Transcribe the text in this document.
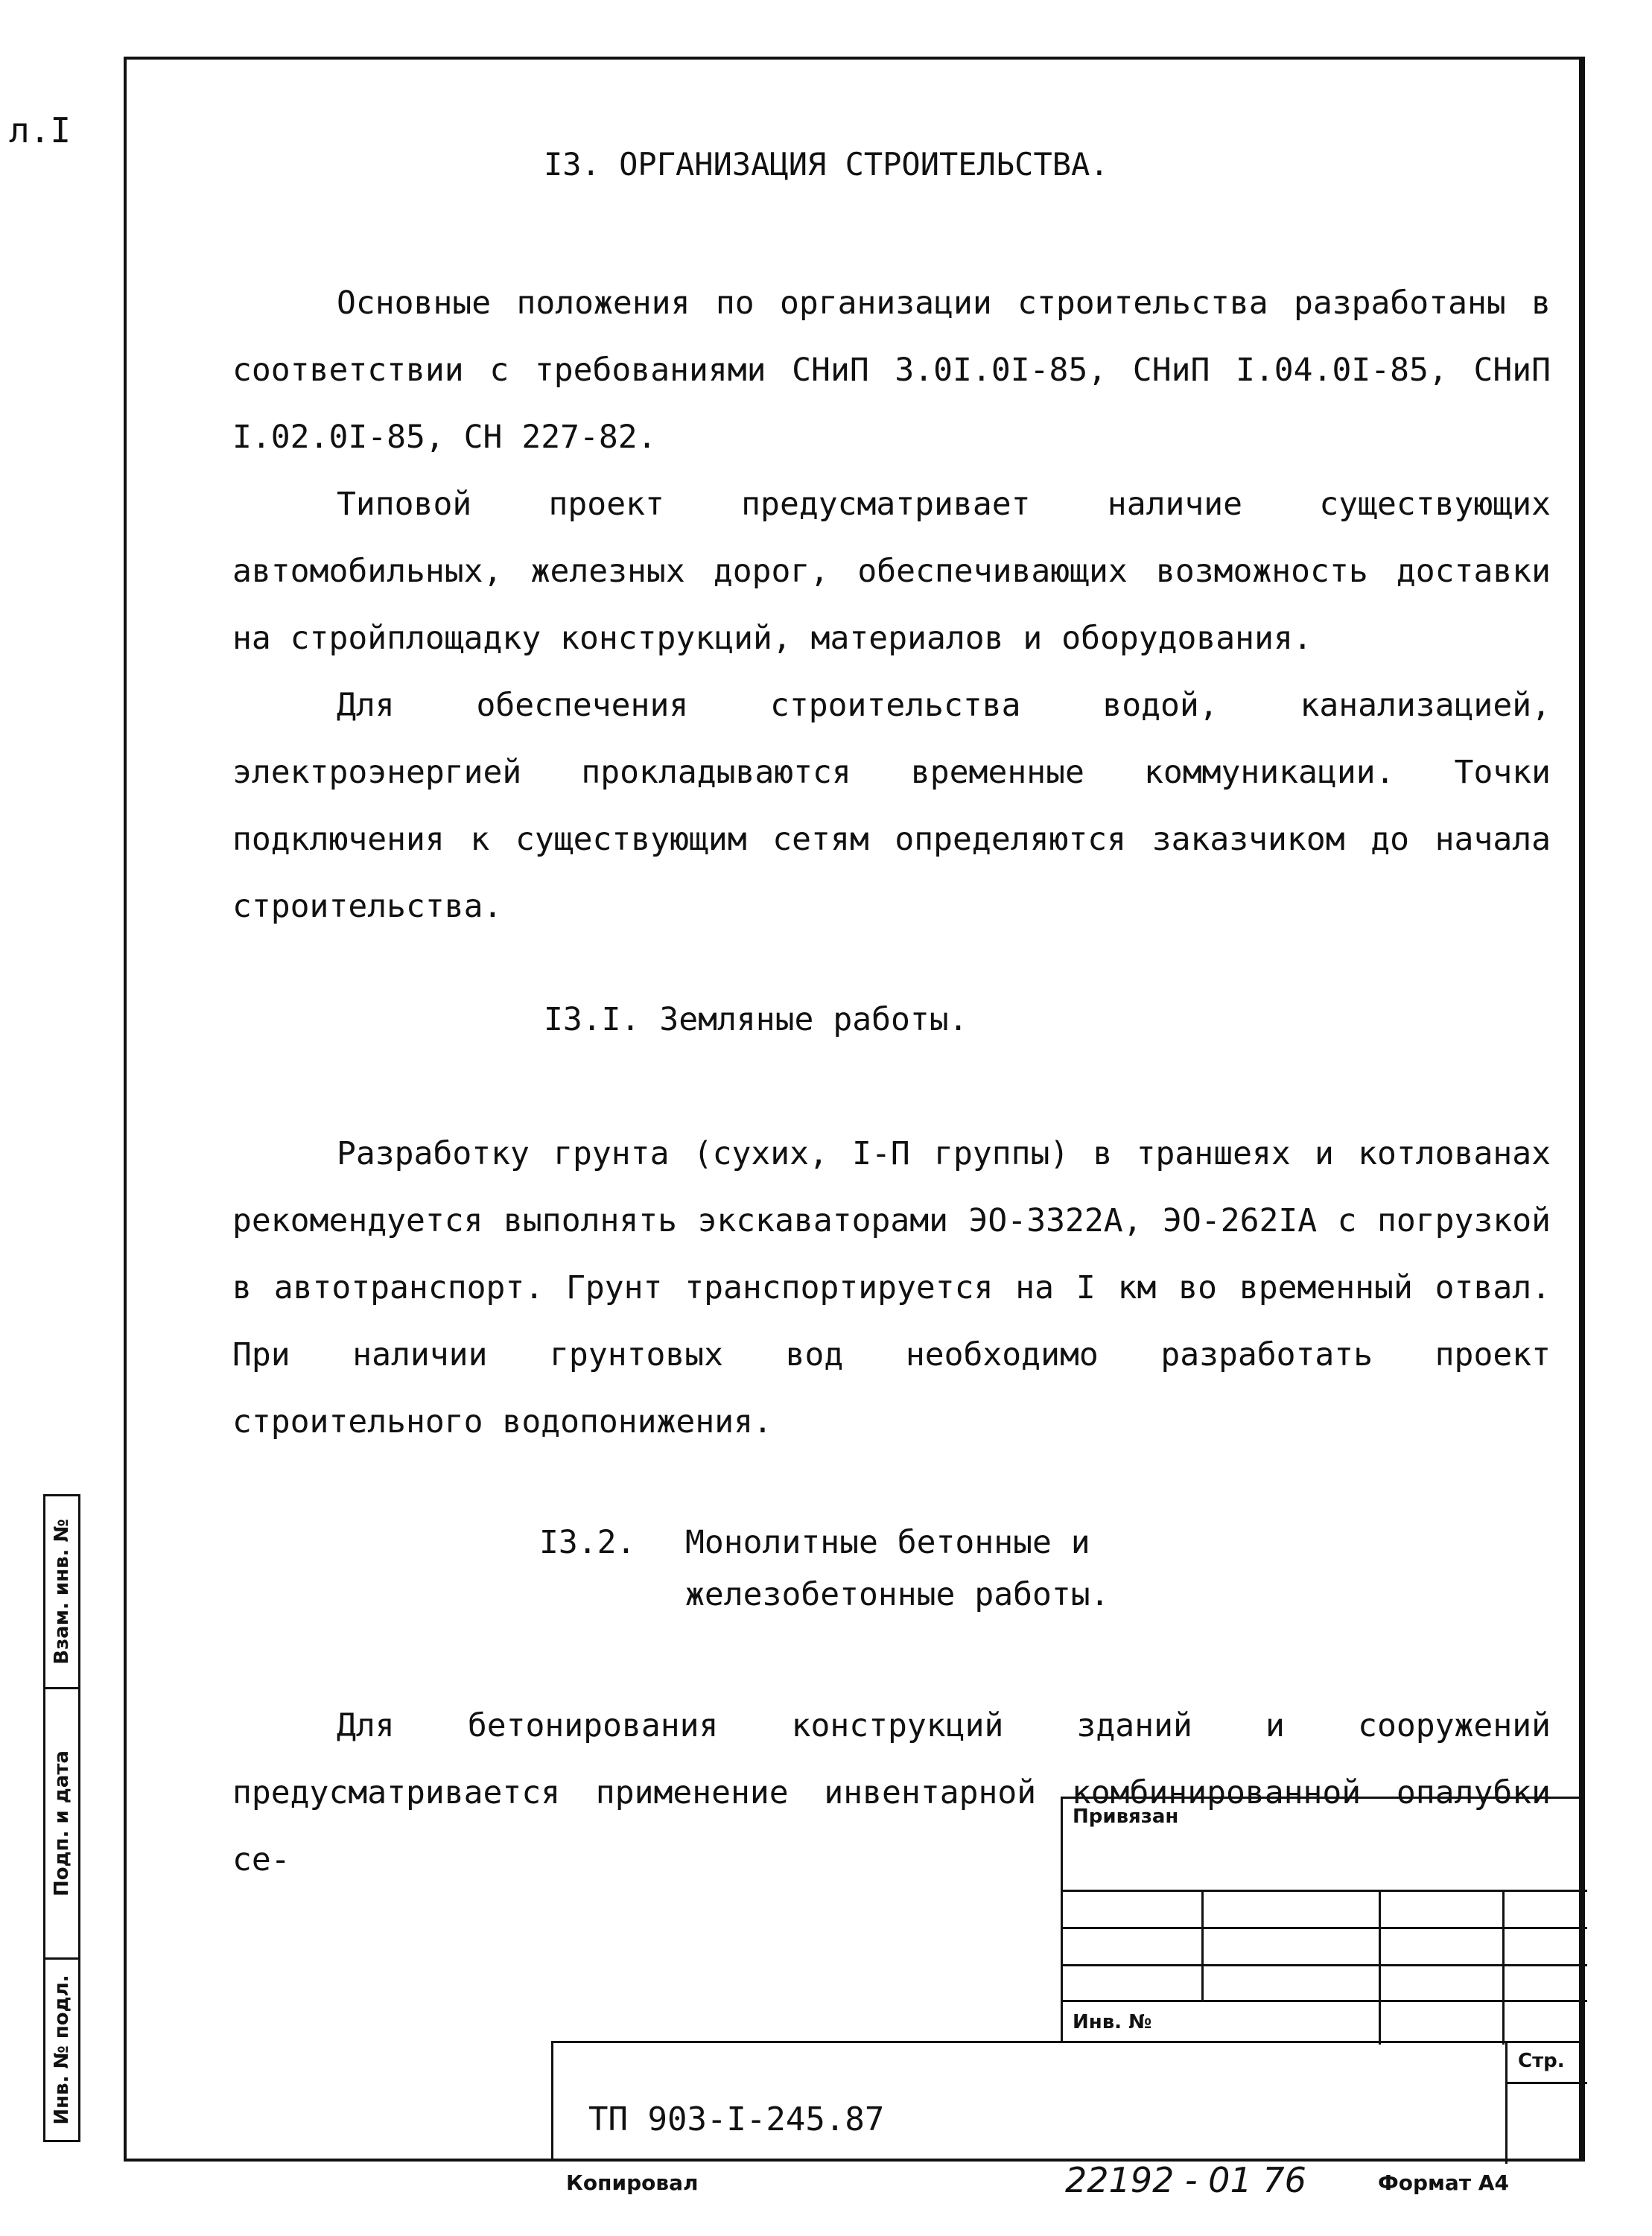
л.I
I3. ОРГАНИЗАЦИЯ СТРОИТЕЛЬСТВА.

Основные положения по организации строительства разработаны в соответствии с требованиями СНиП 3.0I.0I-85, СНиП I.04.0I-85, СНиП I.02.0I-85, СН 227-82.

Типовой проект предусматривает наличие существующих автомобильных, железных дорог, обеспечивающих возможность доставки на стройплощадку конструкций, материалов и оборудования.

Для обеспечения строительства водой, канализацией, электроэнергией прокладываются временные коммуникации. Точки подключения к существующим сетям определяются заказчиком до начала строительства.

I3.I. Земляные работы.

Разработку грунта (сухих, I-П группы) в траншеях и котлованах рекомендуется выполнять экскаваторами ЭО-3322А, ЭО-262IА с погрузкой в автотранспорт. Грунт транспортируется на I км во временный отвал. При наличии грунтовых вод необходимо разработать проект строительного водопонижения.

I3.2. Монолитные бетонные и
железобетонные работы.

Для бетонирования конструкций зданий и сооружений предусматривается применение инвентарной комбинированной опалубки се-

Взам. инв. №
Подп. и дата
Инв. № подл.
Привязан
Инв. №
Стр.
ТП 903-I-245.87
Копировал	22192 - 01 76	Формат А4
